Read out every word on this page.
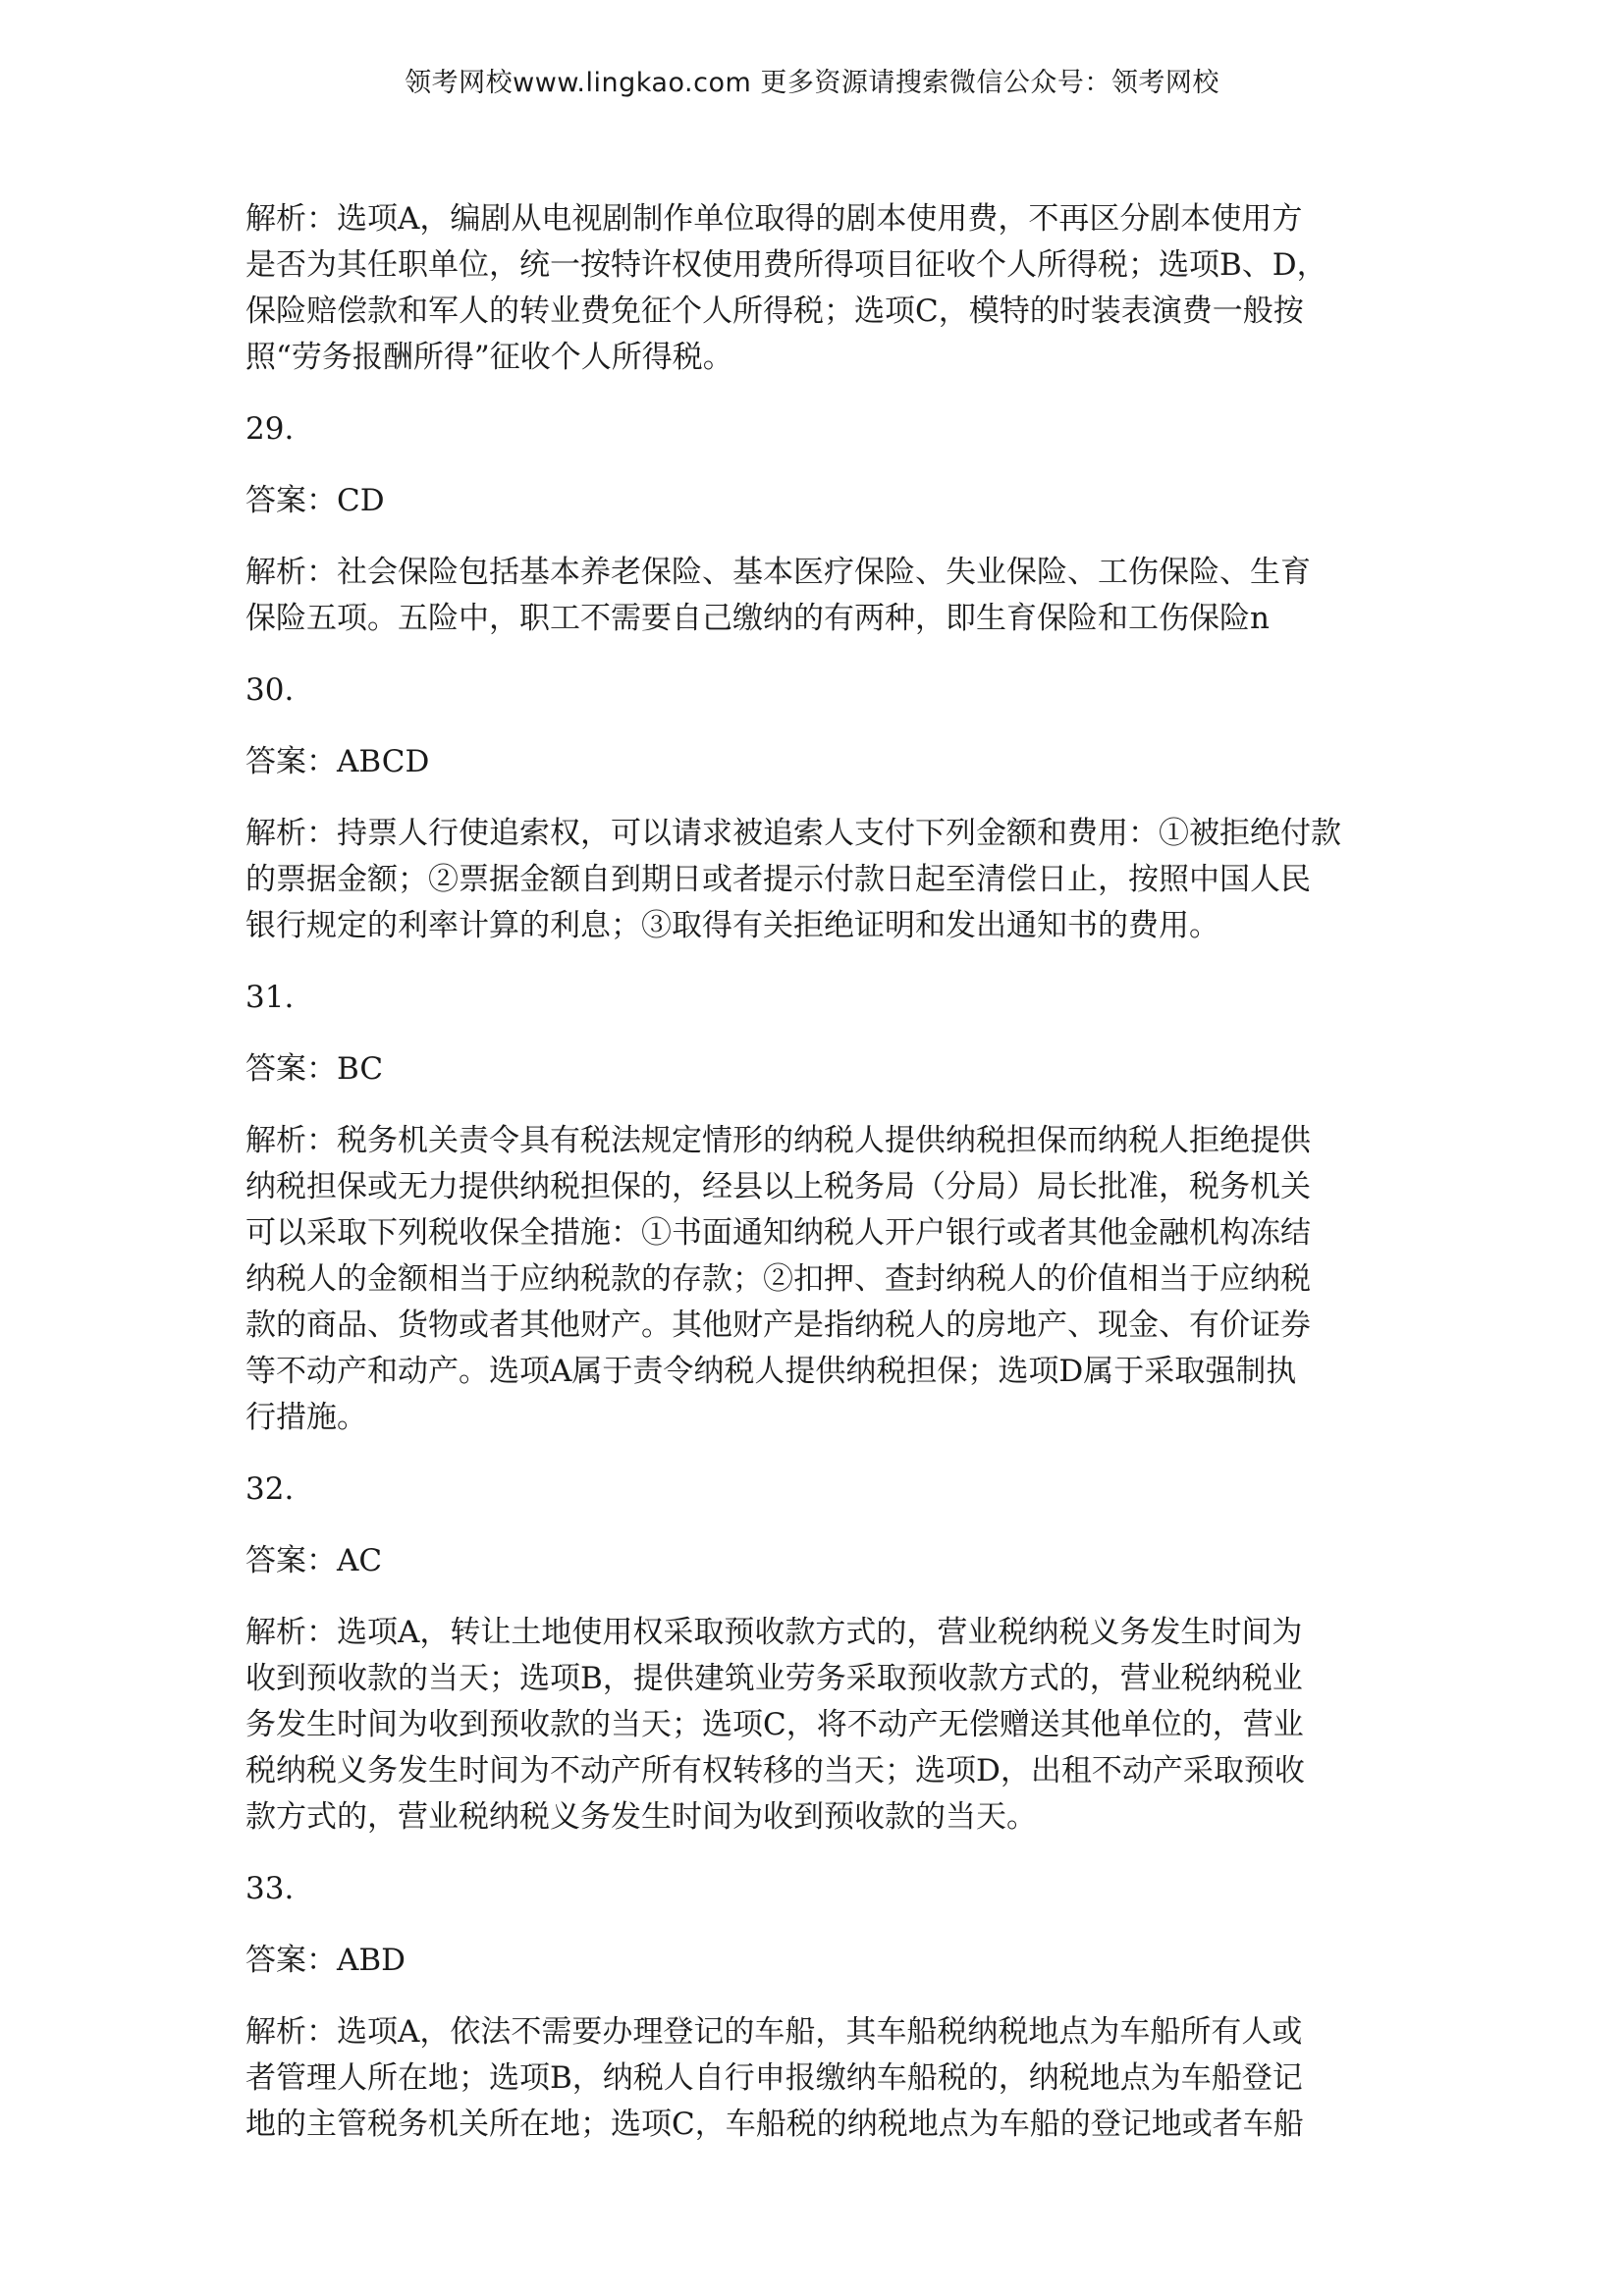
领考网校www.lingkao.com 更多资源请搜索微信公众号：领考网校
解析：选项A，编剧从电视剧制作单位取得的剧本使用费，不再区分剧本使用方
是否为其任职单位，统一按特许权使用费所得项目征收个人所得税；选项B、D，
保险赔偿款和军人的转业费免征个人所得税；选项C，模特的时装表演费一般按
照“劳务报酬所得”征收个人所得税。
29.
答案：CD
解析：社会保险包括基本养老保险、基本医疗保险、失业保险、工伤保险、生育
保险五项。五险中，职工不需要自己缴纳的有两种，即生育保险和工伤保险n
30.
答案：ABCD
解析：持票人行使追索权，可以请求被追索人支付下列金额和费用：①被拒绝付款
的票据金额；②票据金额自到期日或者提示付款日起至清偿日止，按照中国人民
银行规定的利率计算的利息；③取得有关拒绝证明和发出通知书的费用。
31.
答案：BC
解析：税务机关责令具有税法规定情形的纳税人提供纳税担保而纳税人拒绝提供
纳税担保或无力提供纳税担保的，经县以上税务局（分局）局长批准，税务机关
可以采取下列税收保全措施：①书面通知纳税人开户银行或者其他金融机构冻结
纳税人的金额相当于应纳税款的存款；②扣押、查封纳税人的价值相当于应纳税
款的商品、货物或者其他财产。其他财产是指纳税人的房地产、现金、有价证券
等不动产和动产。选项A属于责令纳税人提供纳税担保；选项D属于采取强制执
行措施。
32.
答案：AC
解析：选项A，转让土地使用权采取预收款方式的，营业税纳税义务发生时间为
收到预收款的当天；选项B，提供建筑业劳务采取预收款方式的，营业税纳税业
务发生时间为收到预收款的当天；选项C，将不动产无偿赠送其他单位的，营业
税纳税义务发生时间为不动产所有权转移的当天；选项D，出租不动产采取预收
款方式的，营业税纳税义务发生时间为收到预收款的当天。
33.
答案：ABD
解析：选项A，依法不需要办理登记的车船，其车船税纳税地点为车船所有人或
者管理人所在地；选项B，纳税人自行申报缴纳车船税的，纳税地点为车船登记
地的主管税务机关所在地；选项C，车船税的纳税地点为车船的登记地或者车船
